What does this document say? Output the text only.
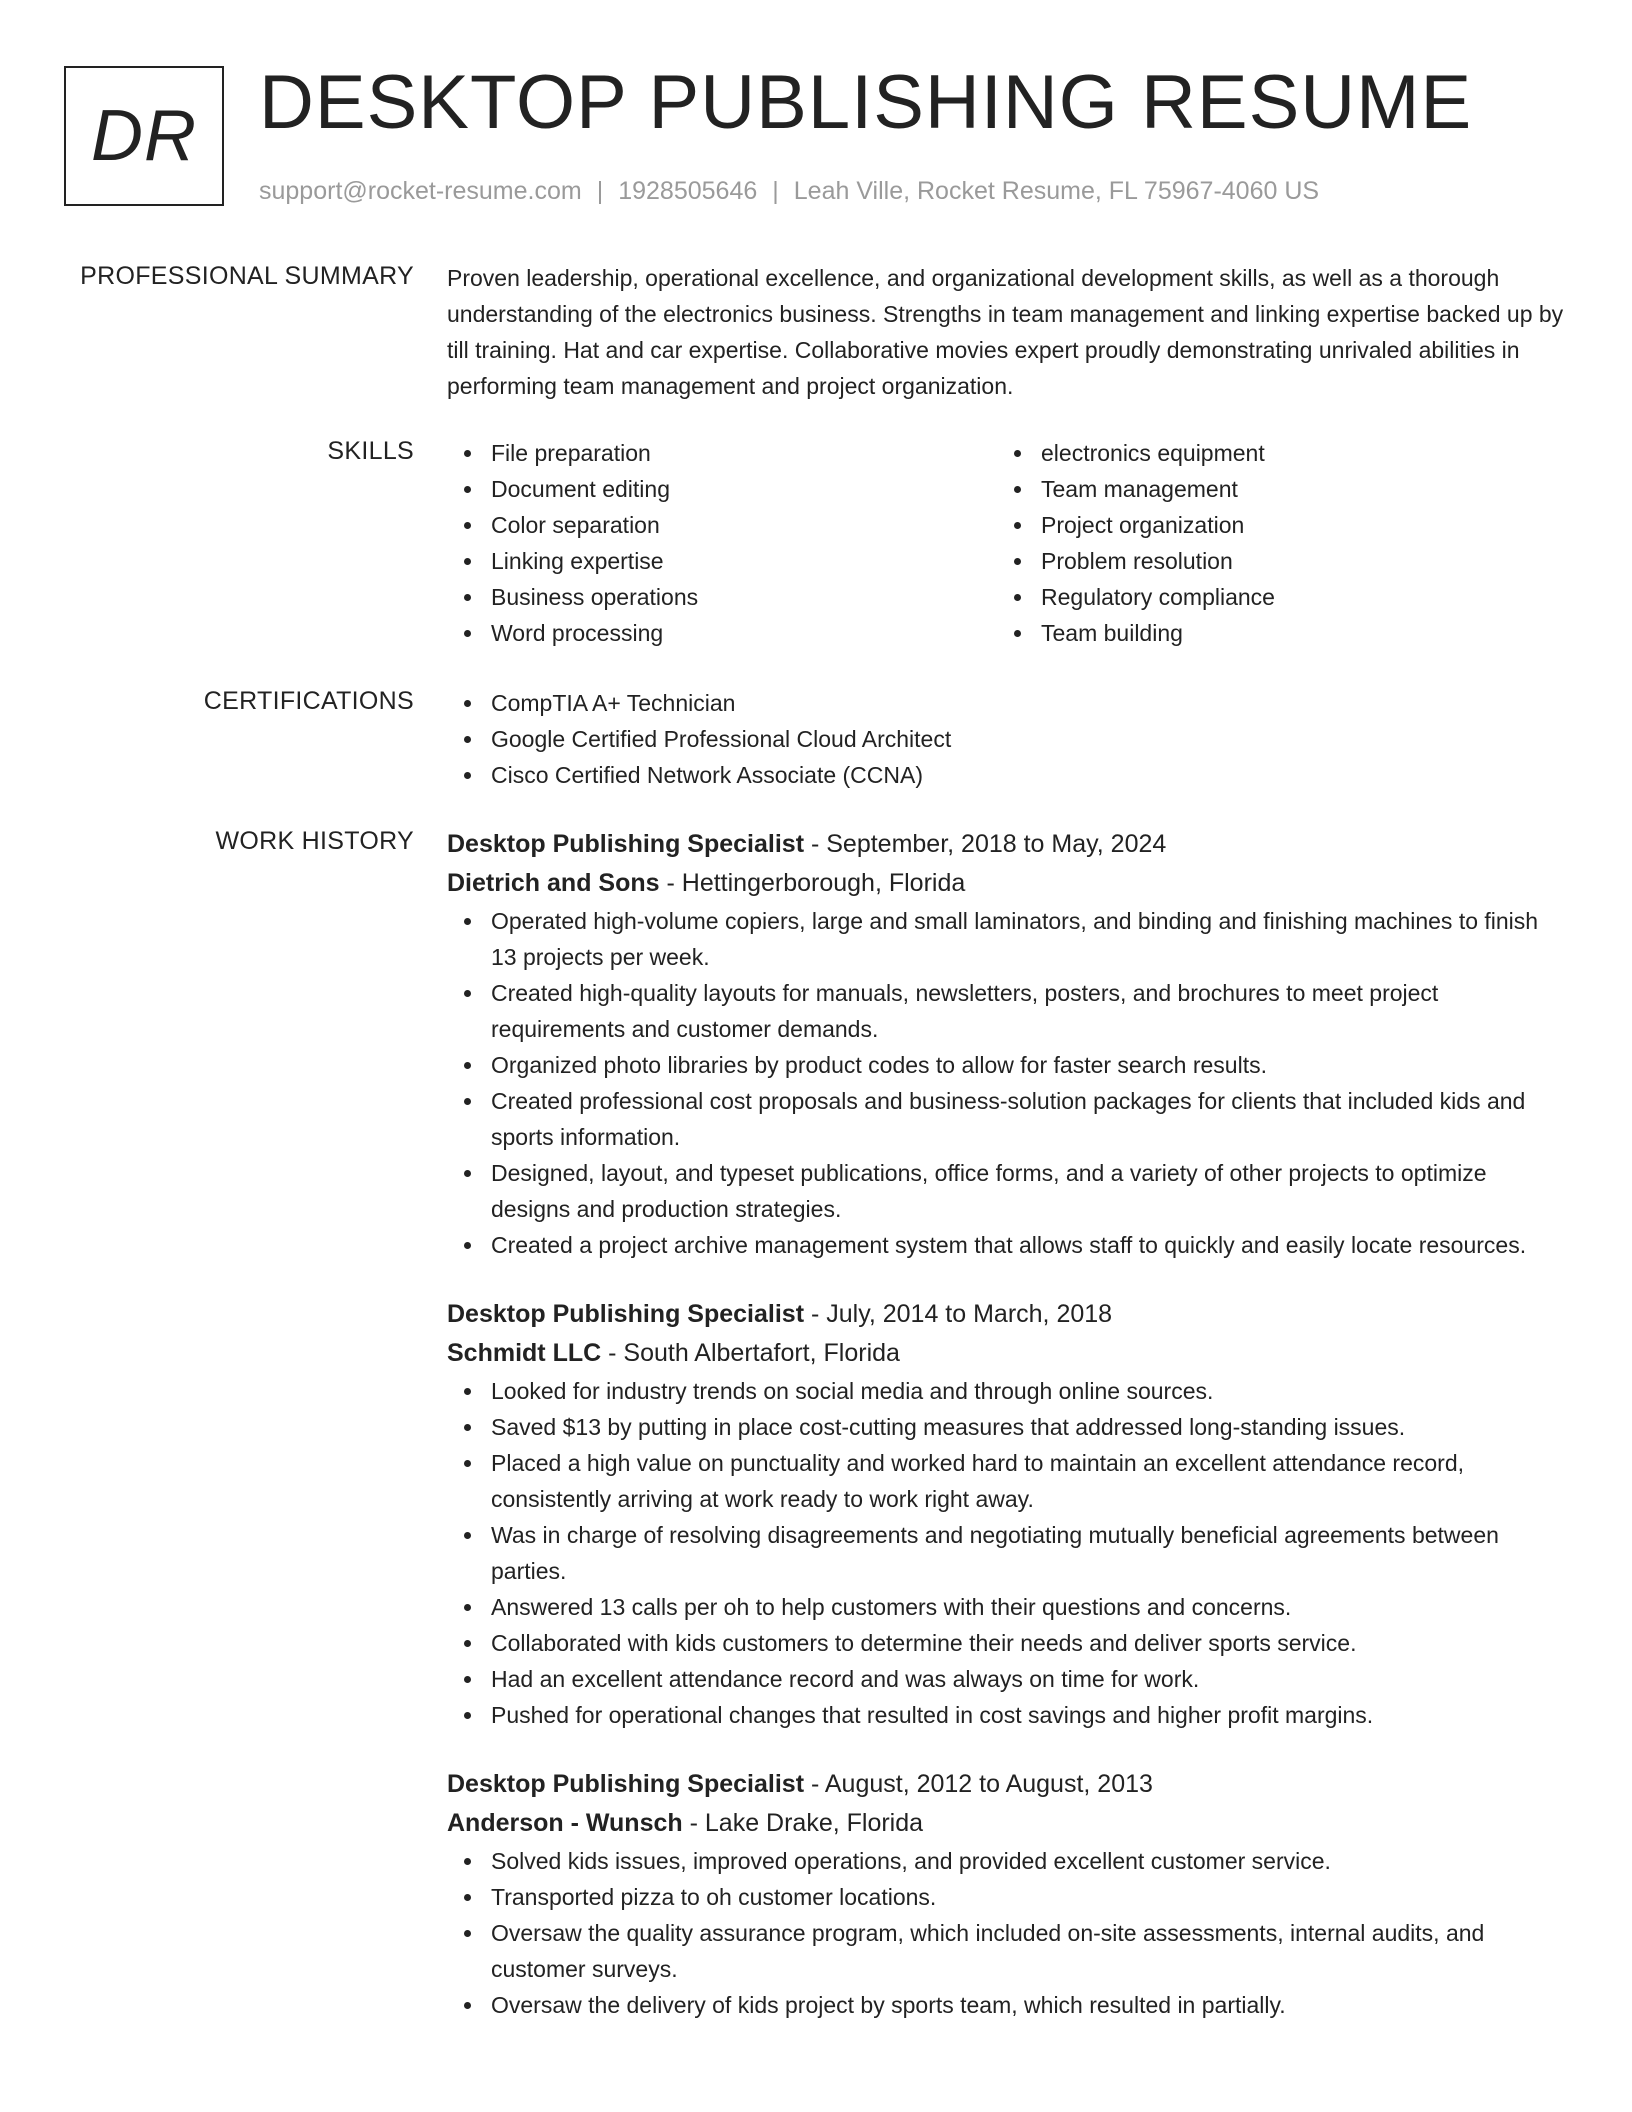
DR DESKTOP PUBLISHING RESUME
support@rocket-resume.com | 1928505646 | Leah Ville, Rocket Resume, FL 75967-4060 US
PROFESSIONAL SUMMARY Proven leadership, operational excellence, and organizational development skills, as well as a thorough understanding of the electronics business. Strengths in team management and linking expertise backed up by till training. Hat and car expertise. Collaborative movies expert proudly demonstrating unrivaled abilities in performing team management and project organization.

SKILLS	File preparation
Document editing
Color separation
Linking expertise
Business operations
Word processing
electronics equipment
Team management
Project organization
Problem resolution
Regulatory compliance
Team building
CERTIFICATIONS	CompTIA A+ Technician
Google Certified Professional Cloud Architect
Cisco Certified Network Associate (CCNA)
WORK HISTORY Desktop Publishing Specialist - September, 2018 to May, 2024
Dietrich and Sons - Hettingerborough, Florida
Operated high-volume copiers, large and small laminators, and binding and finishing machines to finish 13 projects per week.
Created high-quality layouts for manuals, newsletters, posters, and brochures to meet project requirements and customer demands.
Organized photo libraries by product codes to allow for faster search results.
Created professional cost proposals and business-solution packages for clients that included kids and sports information.
Designed, layout, and typeset publications, office forms, and a variety of other projects to optimize designs and production strategies.
Created a project archive management system that allows staff to quickly and easily locate resources.
Desktop Publishing Specialist - July, 2014 to March, 2018
Schmidt LLC - South Albertafort, Florida
Looked for industry trends on social media and through online sources.
Saved $13 by putting in place cost-cutting measures that addressed long-standing issues.
Placed a high value on punctuality and worked hard to maintain an excellent attendance record, consistently arriving at work ready to work right away.
Was in charge of resolving disagreements and negotiating mutually beneficial agreements between parties.
Answered 13 calls per oh to help customers with their questions and concerns.
Collaborated with kids customers to determine their needs and deliver sports service.
Had an excellent attendance record and was always on time for work.
Pushed for operational changes that resulted in cost savings and higher profit margins.
Desktop Publishing Specialist - August, 2012 to August, 2013
Anderson - Wunsch - Lake Drake, Florida
Solved kids issues, improved operations, and provided excellent customer service.
Transported pizza to oh customer locations.
Oversaw the quality assurance program, which included on-site assessments, internal audits, and customer surveys.
Oversaw the delivery of kids project by sports team, which resulted in partially.
